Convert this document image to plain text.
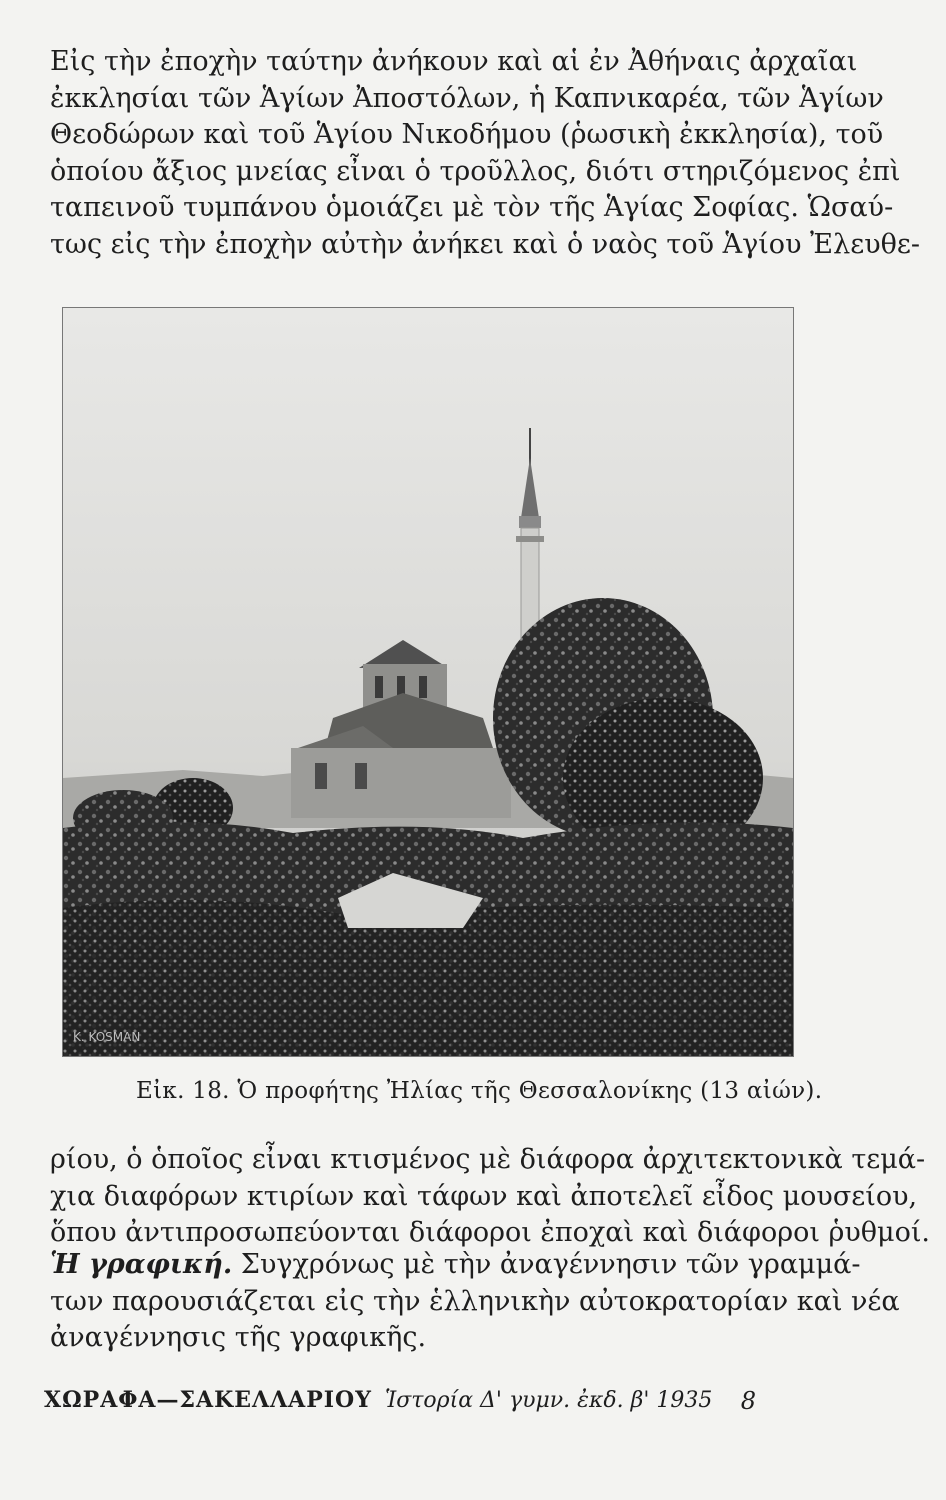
Εἰς τὴν ἐποχὴν ταύτην ἀνήκουν καὶ αἱ ἐν Ἀθήναις ἀρχαῖαι
ἐκκλησίαι τῶν Ἁγίων Ἀποστόλων, ἡ Καπνικαρέα, τῶν Ἁγίων
Θεοδώρων καὶ τοῦ Ἁγίου Νικοδήμου (ῥωσικὴ ἐκκλησία), τοῦ
ὁποίου ἄξιος μνείας εἶναι ὁ τροῦλλος, διότι στηριζόμενος ἐπὶ
ταπεινοῦ τυμπάνου ὁμοιάζει μὲ τὸν τῆς Ἁγίας Σοφίας. Ὡσαύ-
τως εἰς τὴν ἐποχὴν αὐτὴν ἀνήκει καὶ ὁ ναὸς τοῦ Ἁγίου Ἐλευθε-
K. KOSMAN
Εἰκ. 18. Ὁ προφήτης Ἠλίας τῆς Θεσσαλονίκης (13 αἰών).
ρίου, ὁ ὁποῖος εἶναι κτισμένος μὲ διάφορα ἀρχιτεκτονικὰ τεμά-
χια διαφόρων κτιρίων καὶ τάφων καὶ ἀποτελεῖ εἶδος μουσείου,
ὅπου ἀντιπροσωπεύονται διάφοροι ἐποχαὶ καὶ διάφοροι ῥυθμοί.
Ἡ γραφική. Συγχρόνως μὲ τὴν ἀναγέννησιν τῶν γραμμά-
των παρουσιάζεται εἰς τὴν ἑλληνικὴν αὐτοκρατορίαν καὶ νέα
ἀναγέννησις τῆς γραφικῆς.
ΧΩΡΑΦΑ—ΣΑΚΕΛΛΑΡΙΟΥ Ἱστορία Δ' γυμν. ἐκδ. β' 1935 8
